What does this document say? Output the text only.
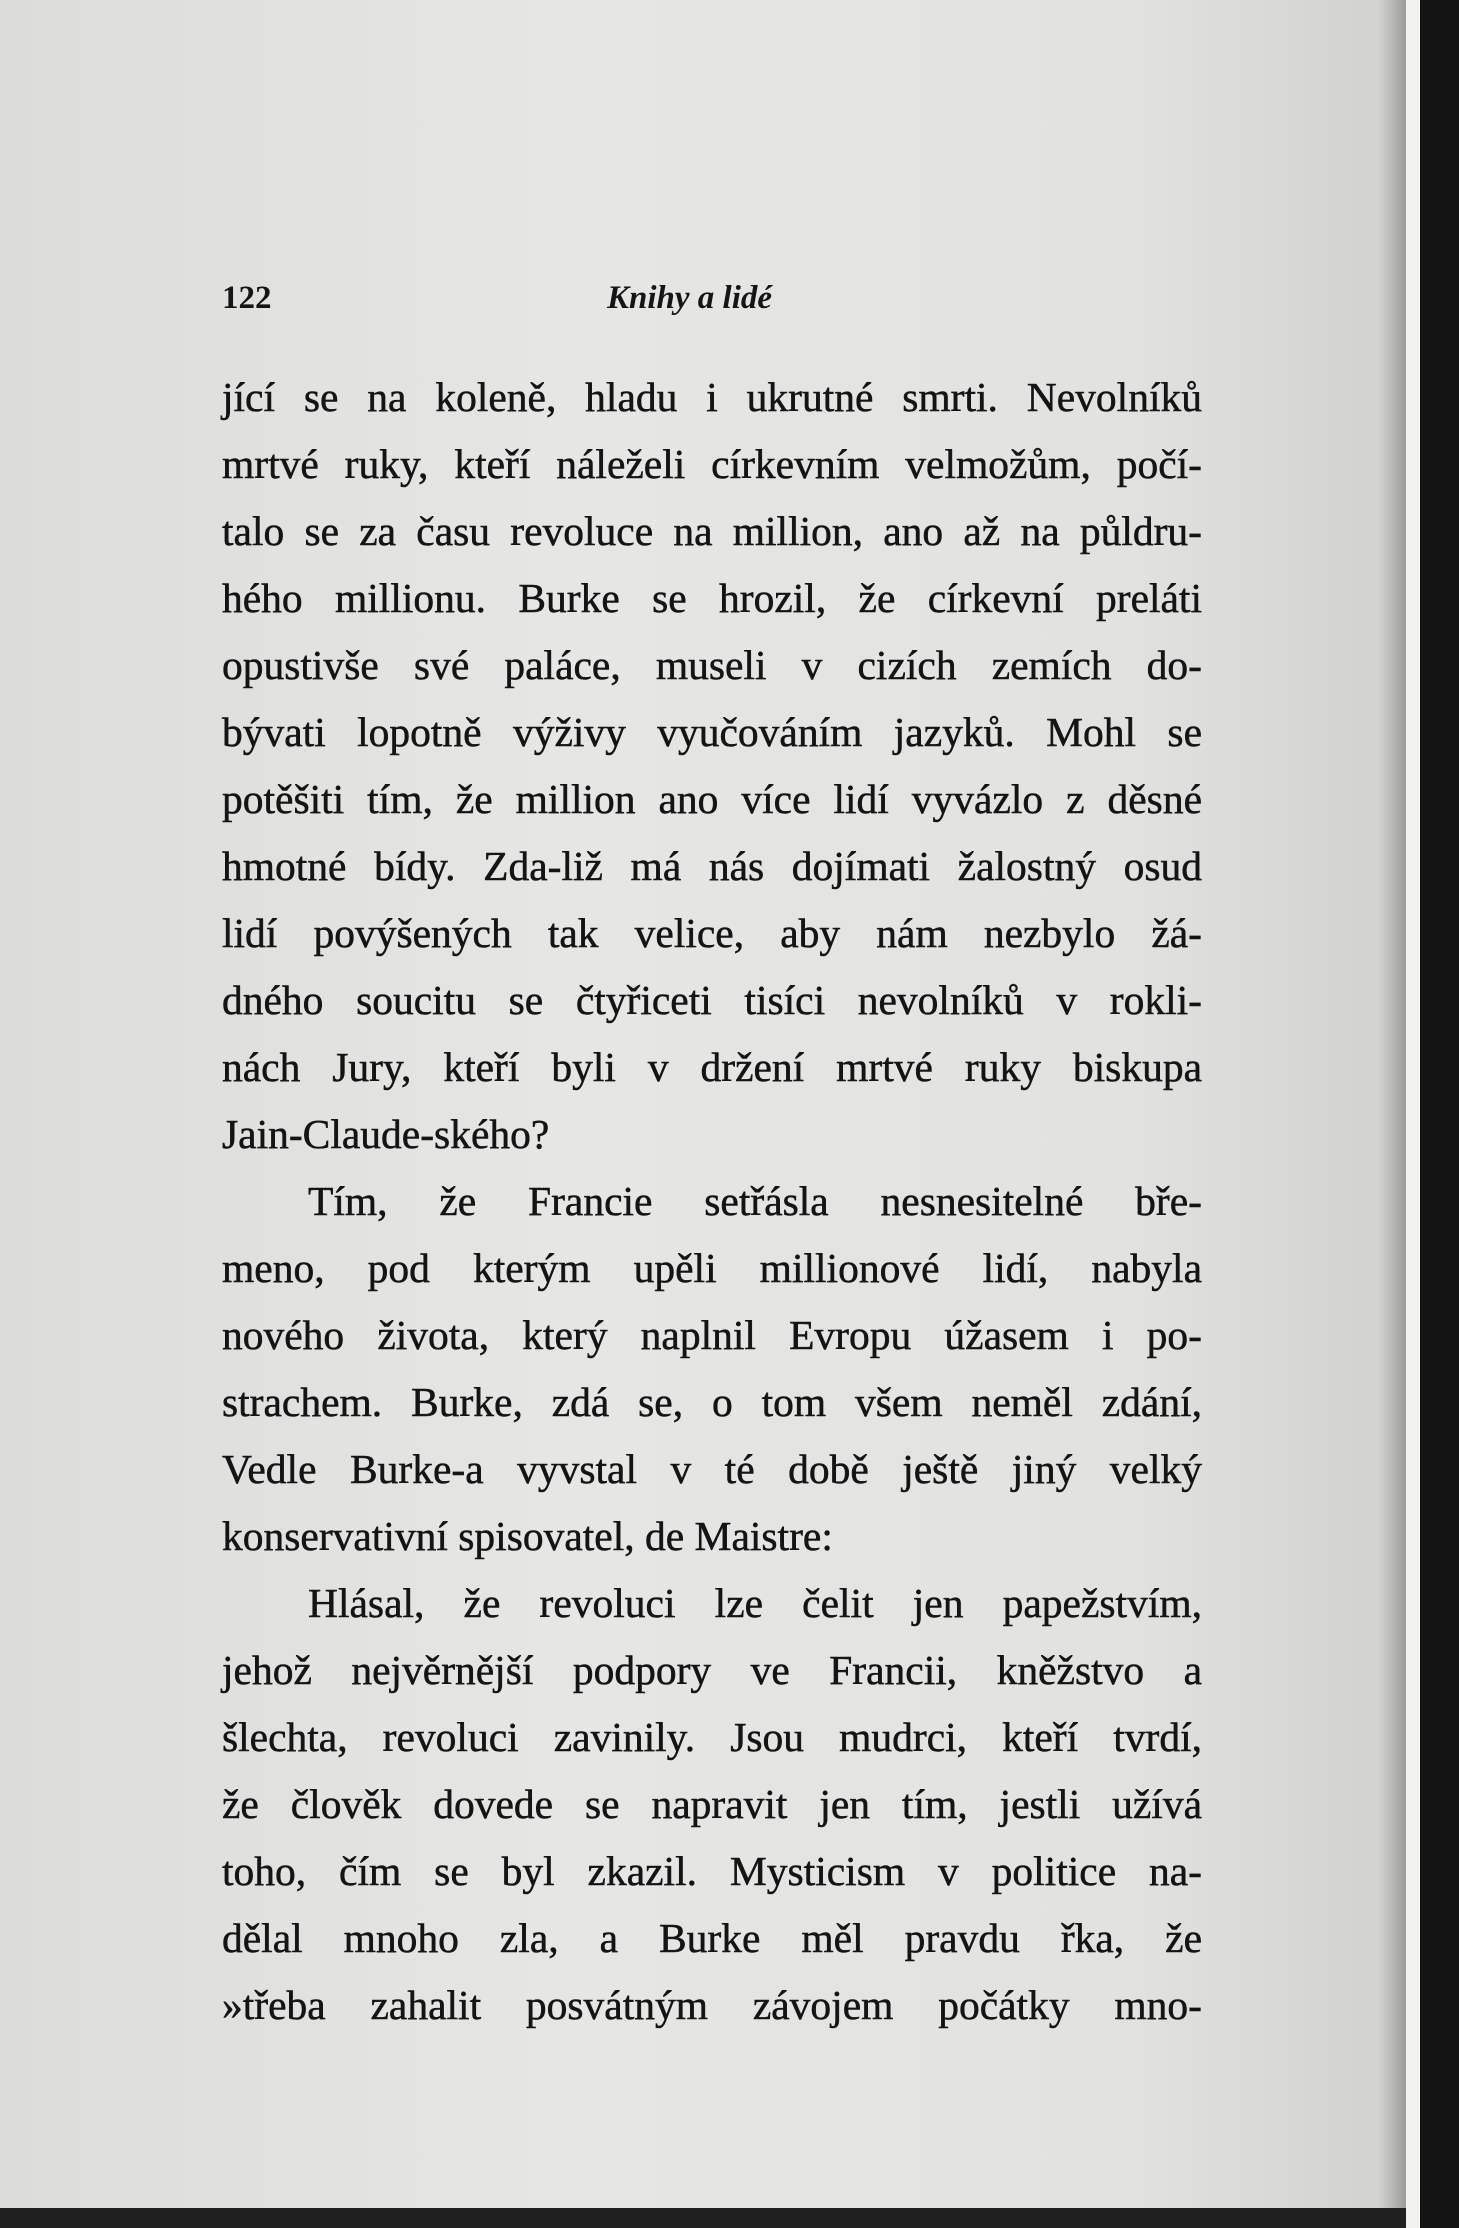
122	Knihy a lidé
jící se na koleně, hladu i ukrutné smrti. Nevolníků
mrtvé ruky, kteří náleželi církevním velmožům, počí-
talo se za času revoluce na million, ano až na půldru-
hého millionu. Burke se hrozil, že církevní preláti
opustivše své paláce, museli v cizích zemích do-
bývati lopotně výživy vyučováním jazyků. Mohl se
potěšiti tím, že million ano více lidí vyvázlo z děsné
hmotné bídy. Zda-liž má nás dojímati žalostný osud
lidí povýšených tak velice, aby nám nezbylo žá-
dného soucitu se čtyřiceti tisíci nevolníků v rokli-
nách Jury, kteří byli v držení mrtvé ruky biskupa
Jain-Claude-ského?
Tím, že Francie setřásla nesnesitelné bře-
meno, pod kterým upěli millionové lidí, nabyla
nového života, který naplnil Evropu úžasem i po-
strachem. Burke, zdá se, o tom všem neměl zdání,
Vedle Burke-a vyvstal v té době ještě jiný velký
konservativní spisovatel, de Maistre:
Hlásal, že revoluci lze čelit jen papežstvím,
jehož nejvěrnější podpory ve Francii, kněžstvo a
šlechta, revoluci zavinily. Jsou mudrci, kteří tvrdí,
že člověk dovede se napravit jen tím, jestli užívá
toho, čím se byl zkazil. Mysticism v politice na-
dělal mnoho zla, a Burke měl pravdu řka, že
»třeba zahalit posvátným závojem počátky mno-
